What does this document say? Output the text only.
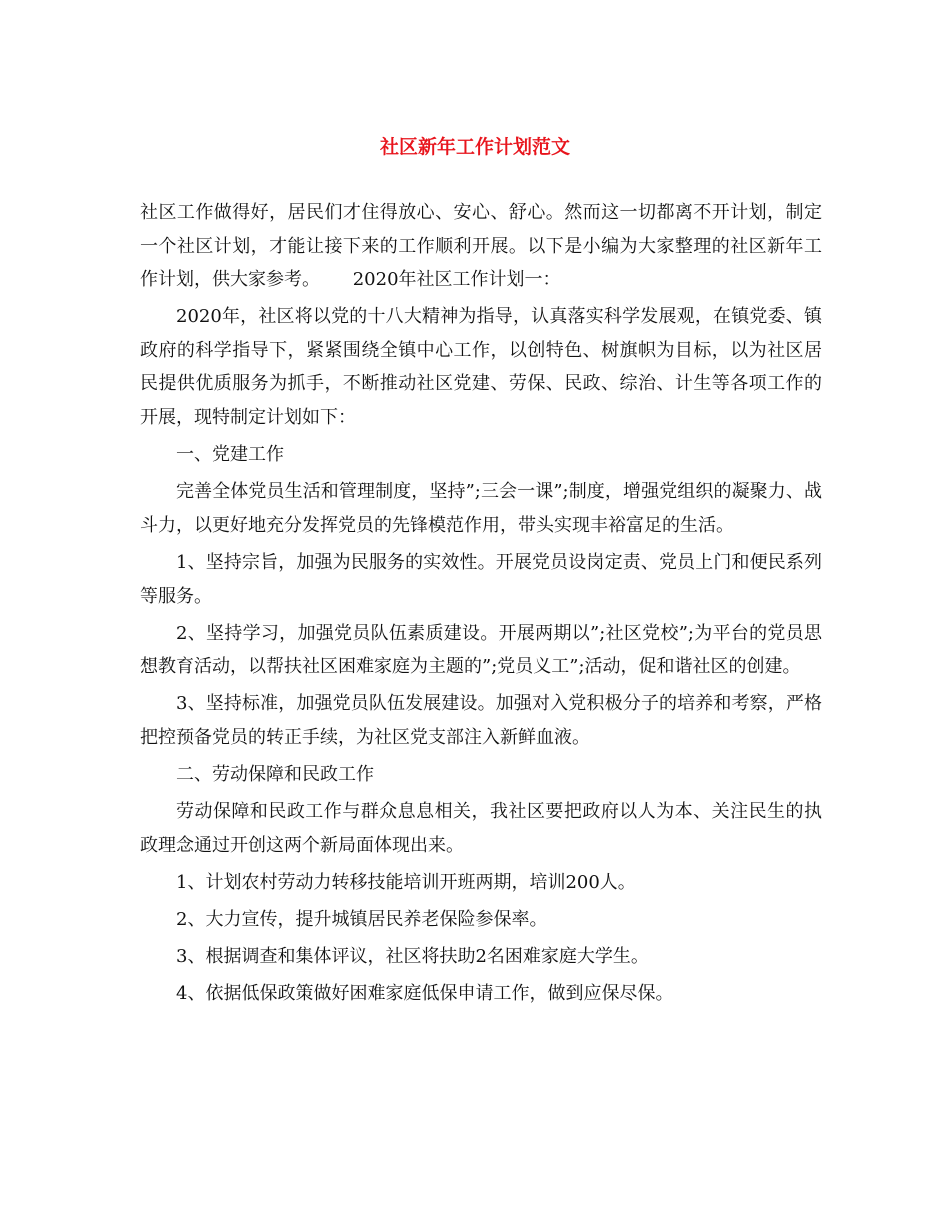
社区新年工作计划范文

社区工作做得好，居民们才住得放心、安心、舒心。然而这一切都离不开计划，制定一个社区计划，才能让接下来的工作顺利开展。以下是小编为大家整理的社区新年工作计划，供大家参考。　　 2020年社区工作计划一：

2020年，社区将以党的十八大精神为指导，认真落实科学发展观，在镇党委、镇政府的科学指导下，紧紧围绕全镇中心工作，以创特色、树旗帜为目标，以为社区居民提供优质服务为抓手，不断推动社区党建、劳保、民政、综治、计生等各项工作的开展，现特制定计划如下：

一、党建工作

完善全体党员生活和管理制度，坚持”;三会一课”;制度，增强党组织的凝聚力、战斗力，以更好地充分发挥党员的先锋模范作用，带头实现丰裕富足的生活。

1、坚持宗旨，加强为民服务的实效性。开展党员设岗定责、党员上门和便民系列等服务。

2、坚持学习，加强党员队伍素质建设。开展两期以”;社区党校”;为平台的党员思想教育活动，以帮扶社区困难家庭为主题的”;党员义工”;活动，促和谐社区的创建。

3、坚持标准，加强党员队伍发展建设。加强对入党积极分子的培养和考察，严格把控预备党员的转正手续，为社区党支部注入新鲜血液。

二、劳动保障和民政工作

劳动保障和民政工作与群众息息相关，我社区要把政府以人为本、关注民生的执政理念通过开创这两个新局面体现出来。

1、计划农村劳动力转移技能培训开班两期，培训200人。

2、大力宣传，提升城镇居民养老保险参保率。

3、根据调查和集体评议，社区将扶助2名困难家庭大学生。

4、依据低保政策做好困难家庭低保申请工作，做到应保尽保。
